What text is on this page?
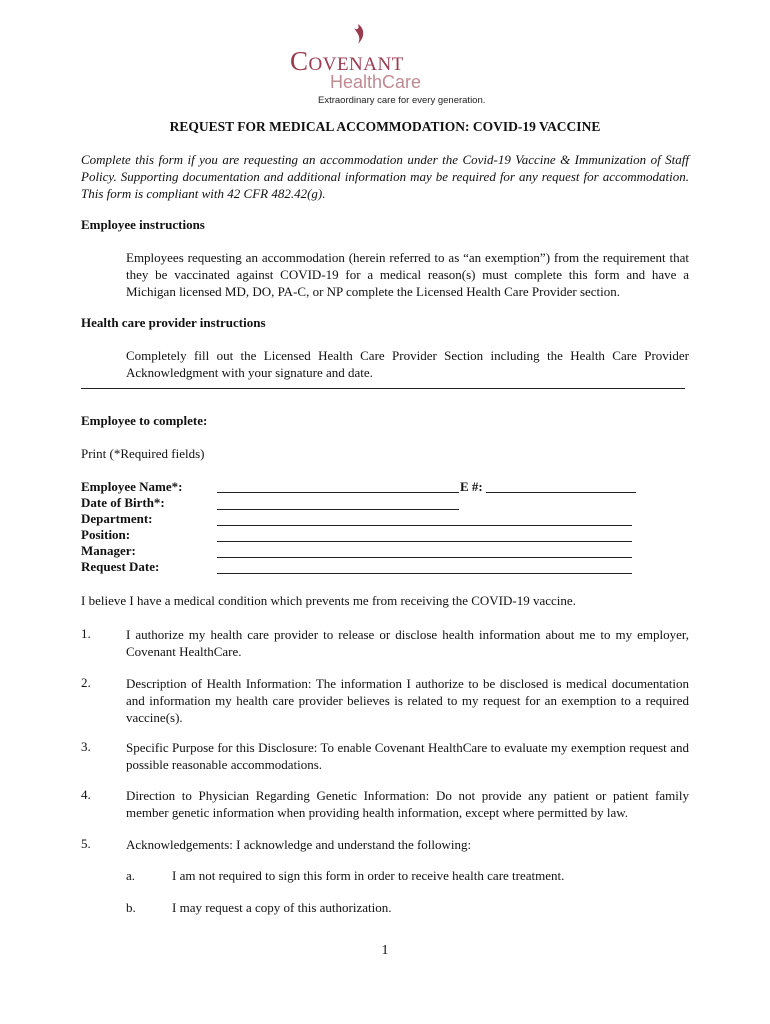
Covenant
HealthCare
Extraordinary care for every generation.
REQUEST FOR MEDICAL ACCOMMODATION: COVID-19 VACCINE
Complete this form if you are requesting an accommodation under the Covid-19 Vaccine & Immunization of Staff Policy. Supporting documentation and additional information may be required for any request for accommodation. This form is compliant with 42 CFR 482.42(g).
Employee instructions
Employees requesting an accommodation (herein referred to as “an exemption”) from the requirement that they be vaccinated against COVID-19 for a medical reason(s) must complete this form and have a Michigan licensed MD, DO, PA-C, or NP complete the Licensed Health Care Provider section.
Health care provider instructions
Completely fill out the Licensed Health Care Provider Section including the Health Care Provider Acknowledgment with your signature and date.
Employee to complete:
Print (*Required fields)
Employee Name*:	E #:
Date of Birth*:
Department:
Position:
Manager:
Request Date:
I believe I have a medical condition which prevents me from receiving the COVID-19 vaccine.
1.	I authorize my health care provider to release or disclose health information about me to my employer, Covenant HealthCare.
2.	Description of Health Information: The information I authorize to be disclosed is medical documentation and information my health care provider believes is related to my request for an exemption to a required vaccine(s).
3.	Specific Purpose for this Disclosure: To enable Covenant HealthCare to evaluate my exemption request and possible reasonable accommodations.
4.	Direction to Physician Regarding Genetic Information: Do not provide any patient or patient family member genetic information when providing health information, except where permitted by law.
5.	Acknowledgements: I acknowledge and understand the following:
a.	I am not required to sign this form in order to receive health care treatment.
b.	I may request a copy of this authorization.
1
